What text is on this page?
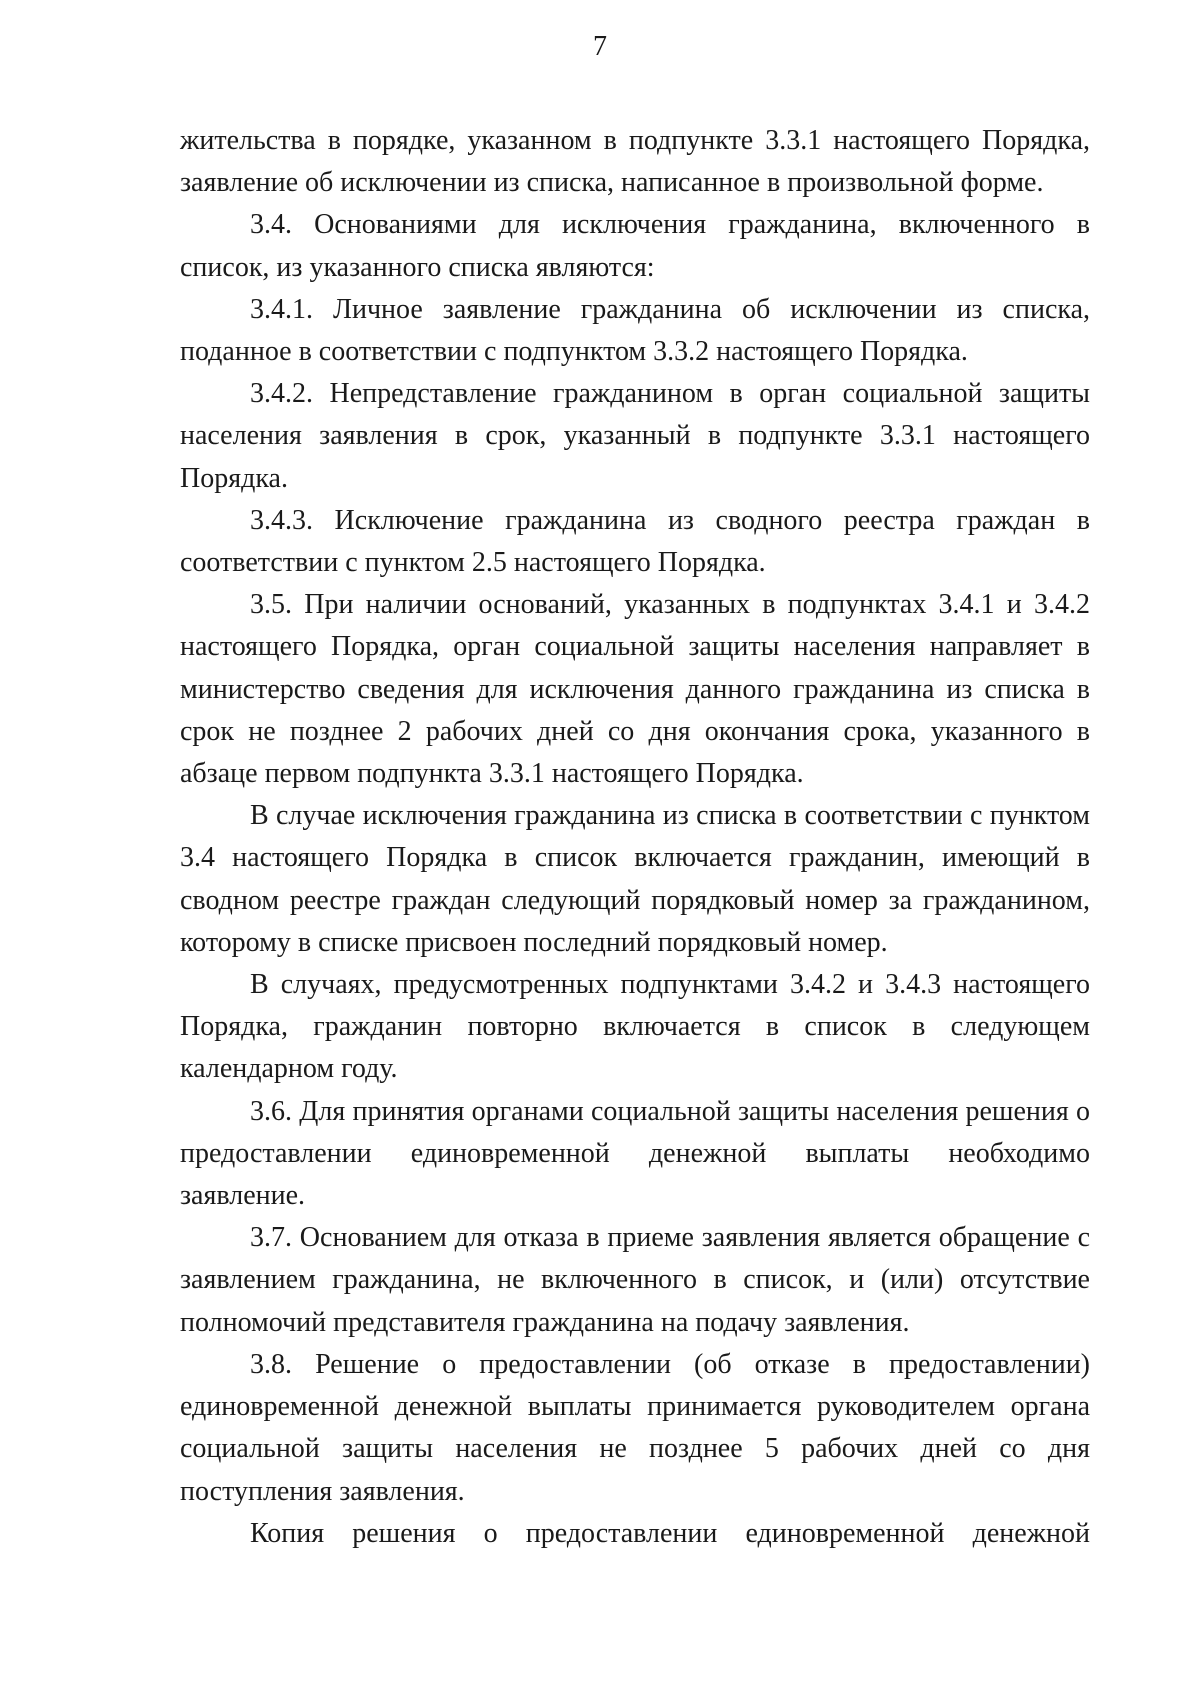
7

жительства в порядке, указанном в подпункте 3.3.1 настоящего Порядка, заявление об исключении из списка, написанное в произвольной форме.

3.4. Основаниями для исключения гражданина, включенного в список, из указанного списка являются:

3.4.1. Личное заявление гражданина об исключении из списка, поданное в соответствии с подпунктом 3.3.2 настоящего Порядка.

3.4.2. Непредставление гражданином в орган социальной защиты населения заявления в срок, указанный в подпункте 3.3.1 настоящего Порядка.

3.4.3. Исключение гражданина из сводного реестра граждан в соответствии с пунктом 2.5 настоящего Порядка.

3.5. При наличии оснований, указанных в подпунктах 3.4.1 и 3.4.2 настоящего Порядка, орган социальной защиты населения направляет в министерство сведения для исключения данного гражданина из списка в срок не позднее 2 рабочих дней со дня окончания срока, указанного в абзаце первом подпункта 3.3.1 настоящего Порядка.

В случае исключения гражданина из списка в соответствии с пунктом 3.4 настоящего Порядка в список включается гражданин, имеющий в сводном реестре граждан следующий порядковый номер за гражданином, которому в списке присвоен последний порядковый номер.

В случаях, предусмотренных подпунктами 3.4.2 и 3.4.3 настоящего Порядка, гражданин повторно включается в список в следующем календарном году.

3.6. Для принятия органами социальной защиты населения решения о предоставлении единовременной денежной выплаты необходимо заявление.

3.7. Основанием для отказа в приеме заявления является обращение с заявлением гражданина, не включенного в список, и (или) отсутствие полномочий представителя гражданина на подачу заявления.

3.8. Решение о предоставлении (об отказе в предоставлении) единовременной денежной выплаты принимается руководителем органа социальной защиты населения не позднее 5 рабочих дней со дня поступления заявления.

Копия решения о предоставлении единовременной денежной
